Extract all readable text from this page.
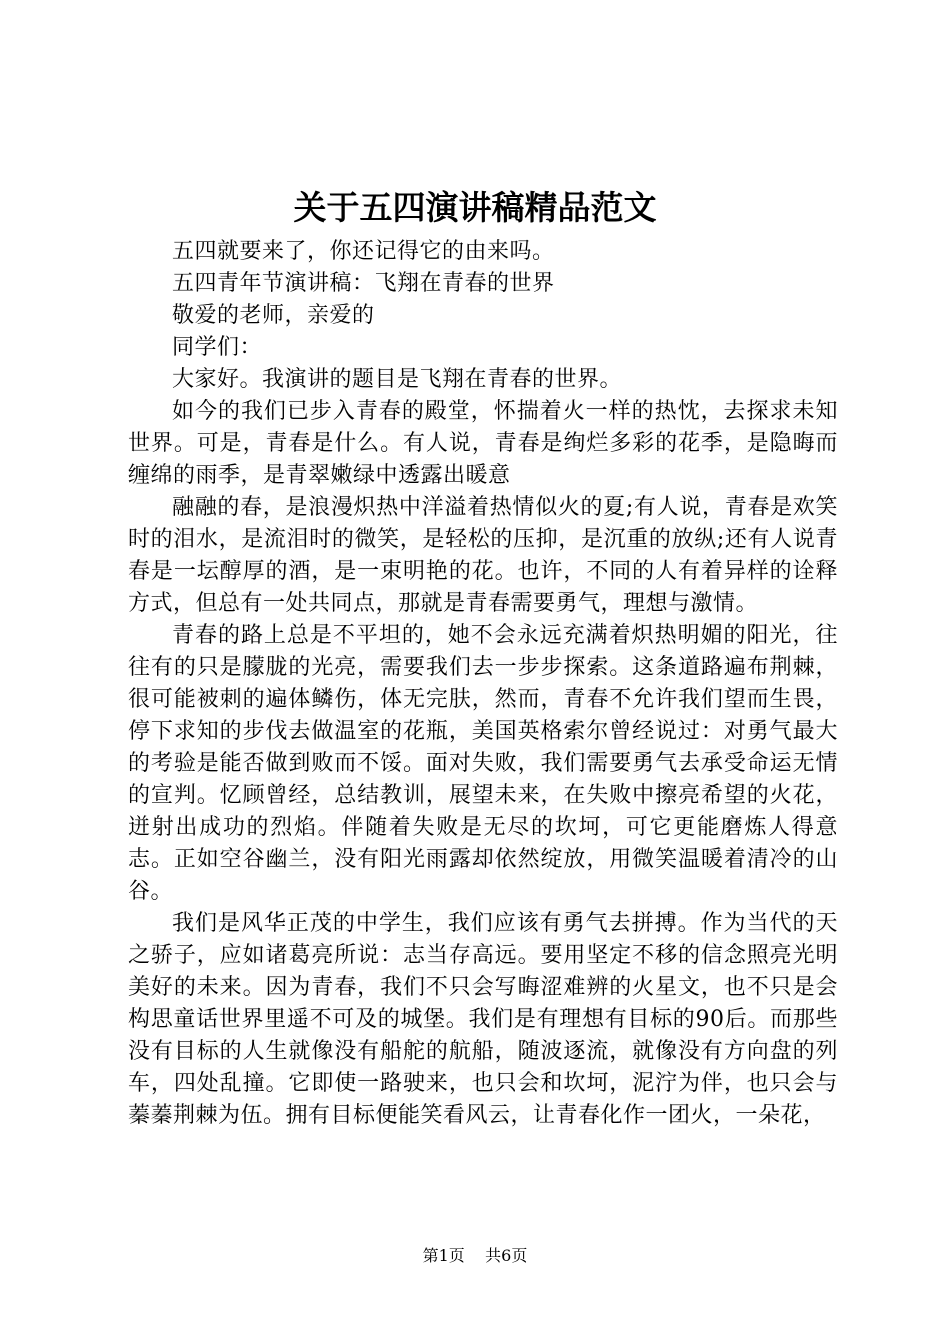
关于五四演讲稿精品范文

五四就要来了，你还记得它的由来吗。

五四青年节演讲稿：飞翔在青春的世界

敬爱的老师，亲爱的

同学们：

大家好。我演讲的题目是飞翔在青春的世界。

如今的我们已步入青春的殿堂，怀揣着火一样的热忱，去探求未知世界。可是，青春是什么。有人说，青春是绚烂多彩的花季，是隐晦而缠绵的雨季，是青翠嫩绿中透露出暖意

融融的春，是浪漫炽热中洋溢着热情似火的夏;有人说，青春是欢笑时的泪水，是流泪时的微笑，是轻松的压抑，是沉重的放纵;还有人说青春是一坛醇厚的酒，是一束明艳的花。也许，不同的人有着异样的诠释方式，但总有一处共同点，那就是青春需要勇气，理想与激情。

青春的路上总是不平坦的，她不会永远充满着炽热明媚的阳光，往往有的只是朦胧的光亮，需要我们去一步步探索。这条道路遍布荆棘，很可能被刺的遍体鳞伤，体无完肤，然而，青春不允许我们望而生畏，停下求知的步伐去做温室的花瓶，美国英格索尔曾经说过：对勇气最大的考验是能否做到败而不馁。面对失败，我们需要勇气去承受命运无情的宣判。忆顾曾经，总结教训，展望未来，在失败中擦亮希望的火花，迸射出成功的烈焰。伴随着失败是无尽的坎坷，可它更能磨炼人得意志。正如空谷幽兰，没有阳光雨露却依然绽放，用微笑温暖着清冷的山谷。

我们是风华正茂的中学生，我们应该有勇气去拼搏。作为当代的天之骄子，应如诸葛亮所说：志当存高远。要用坚定不移的信念照亮光明美好的未来。因为青春，我们不只会写晦涩难辨的火星文，也不只是会构思童话世界里遥不可及的城堡。我们是有理想有目标的90后。而那些没有目标的人生就像没有船舵的航船，随波逐流，就像没有方向盘的列车，四处乱撞。它即使一路驶来，也只会和坎坷，泥泞为伴，也只会与蓁蓁荆棘为伍。拥有目标便能笑看风云，让青春化作一团火，一朵花，

第1页 共6页
